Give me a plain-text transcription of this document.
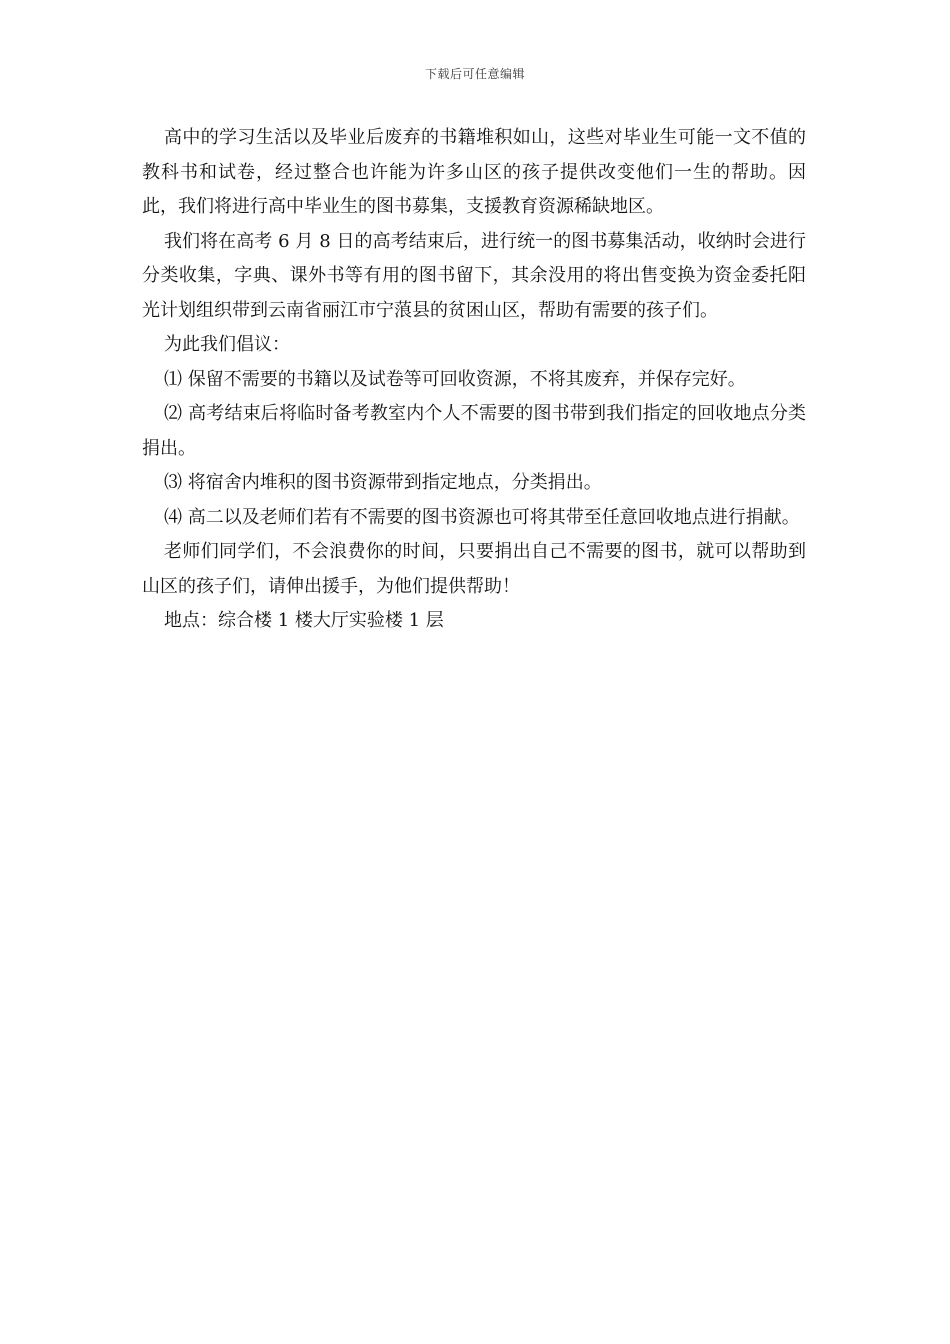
下载后可任意编辑

高中的学习生活以及毕业后废弃的书籍堆积如山，这些对毕业生可能一文不值的教科书和试卷，经过整合也许能为许多山区的孩子提供改变他们一生的帮助。因此，我们将进行高中毕业生的图书募集，支援教育资源稀缺地区。

我们将在高考 6 月 8 日的高考结束后，进行统一的图书募集活动，收纳时会进行分类收集，字典、课外书等有用的图书留下，其余没用的将出售变换为资金委托阳光计划组织带到云南省丽江市宁蒗县的贫困山区，帮助有需要的孩子们。

为此我们倡议：

⑴ 保留不需要的书籍以及试卷等可回收资源，不将其废弃，并保存完好。

⑵ 高考结束后将临时备考教室内个人不需要的图书带到我们指定的回收地点分类捐出。

⑶ 将宿舍内堆积的图书资源带到指定地点，分类捐出。

⑷ 高二以及老师们若有不需要的图书资源也可将其带至任意回收地点进行捐献。

老师们同学们，不会浪费你的时间，只要捐出自己不需要的图书，就可以帮助到山区的孩子们，请伸出援手，为他们提供帮助！

地点：综合楼 1 楼大厅实验楼 1 层
